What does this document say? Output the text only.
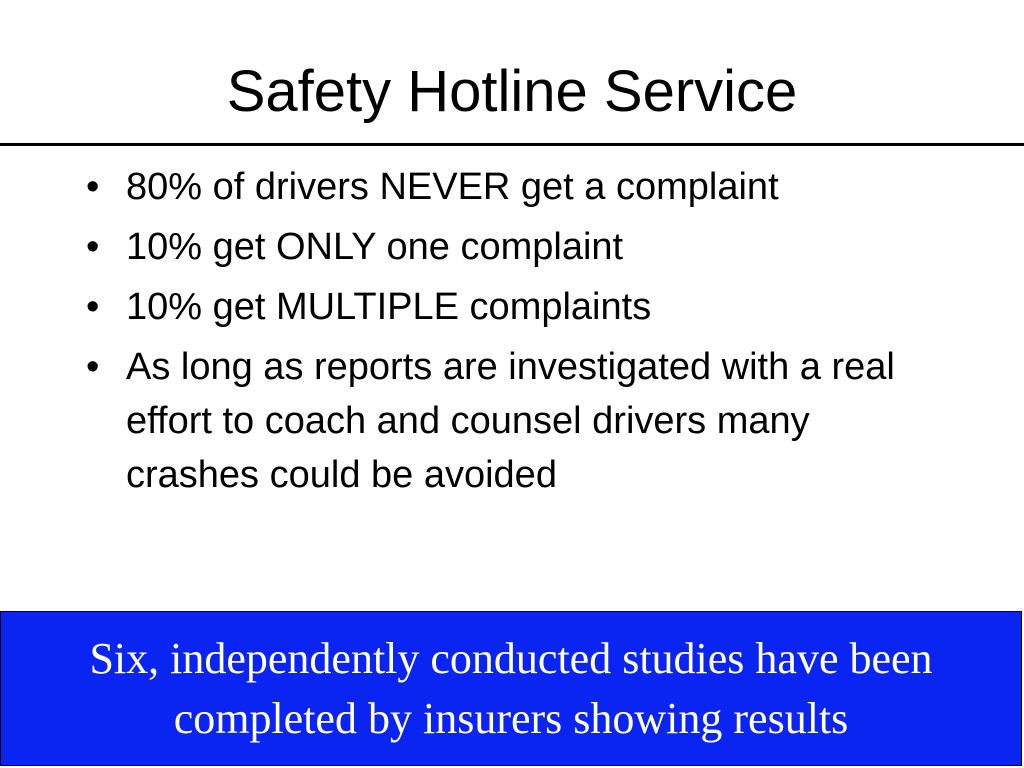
Safety Hotline Service
• 80% of drivers NEVER get a complaint
• 10% get ONLY one complaint
• 10% get MULTIPLE complaints
• As long as reports are investigated with a real effort to coach and counsel drivers many crashes could be avoided

Six, independently conducted studies have been completed by insurers showing results
